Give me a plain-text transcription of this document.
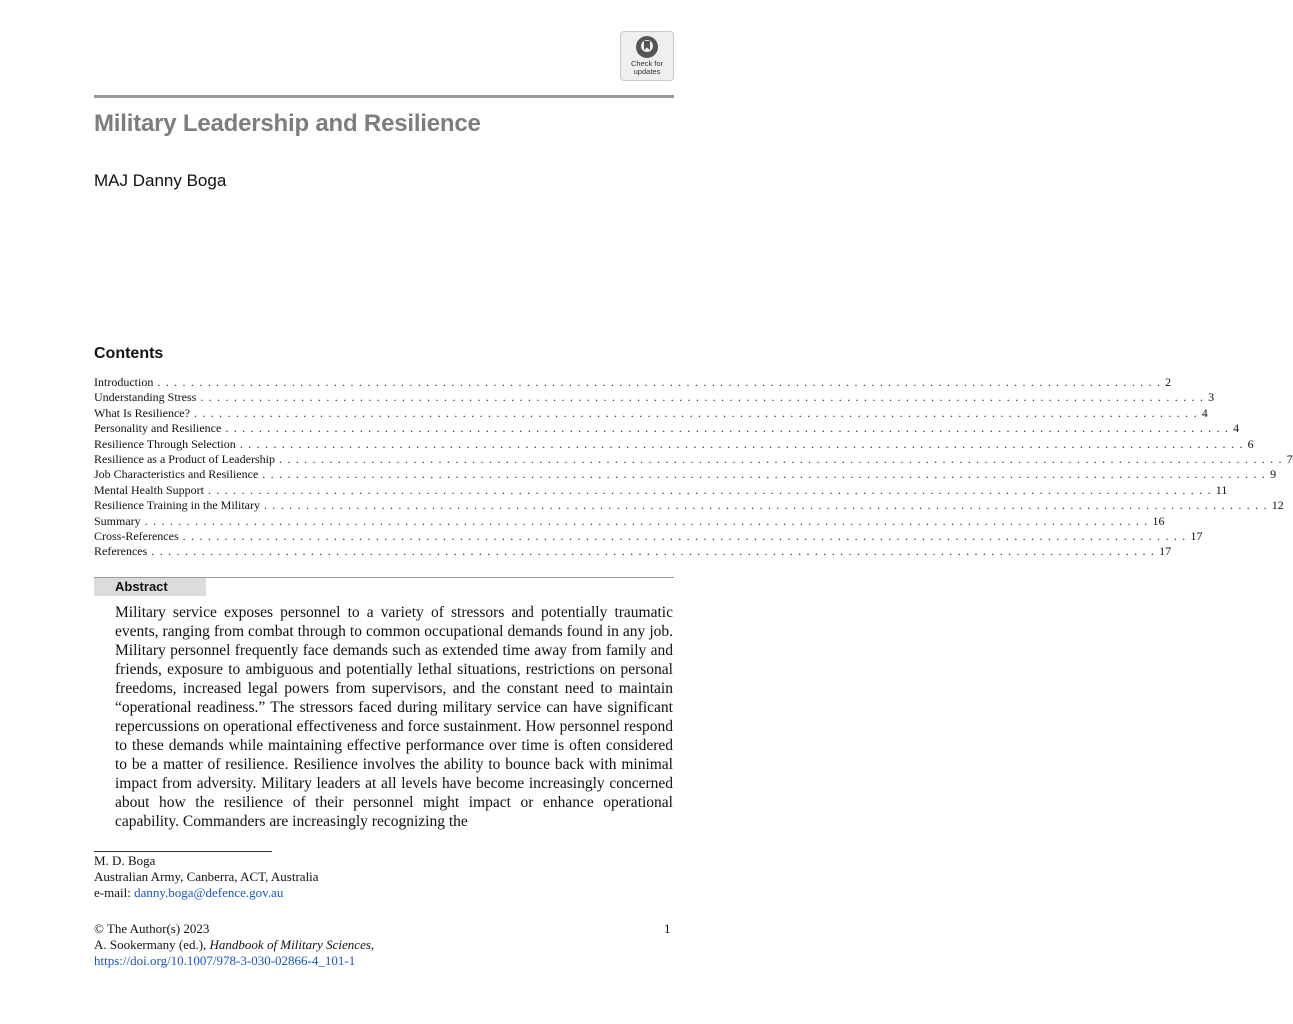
Check for
updates
Military Leadership and Resilience
MAJ Danny Boga
Contents
Introduction . . . . . . . . . . . . . . . . . . . . . . . . . . . . . . . . . . . . . . . . . . . . . . . . . . . . . . . . . . . . . . . . . . . . . . . . . . . . . . . . . . . . . . . . . . . . . . . . . . . . . . . . . . . . . . . . . . . . . . . . 2
Understanding Stress . . . . . . . . . . . . . . . . . . . . . . . . . . . . . . . . . . . . . . . . . . . . . . . . . . . . . . . . . . . . . . . . . . . . . . . . . . . . . . . . . . . . . . . . . . . . . . . . . . . . . . . . . . . . . . . . . . . . . . . . 3
What Is Resilience? . . . . . . . . . . . . . . . . . . . . . . . . . . . . . . . . . . . . . . . . . . . . . . . . . . . . . . . . . . . . . . . . . . . . . . . . . . . . . . . . . . . . . . . . . . . . . . . . . . . . . . . . . . . . . . . . . . . . . . . . 4
Personality and Resilience . . . . . . . . . . . . . . . . . . . . . . . . . . . . . . . . . . . . . . . . . . . . . . . . . . . . . . . . . . . . . . . . . . . . . . . . . . . . . . . . . . . . . . . . . . . . . . . . . . . . . . . . . . . . . . . . . . . . . . . . 4
Resilience Through Selection . . . . . . . . . . . . . . . . . . . . . . . . . . . . . . . . . . . . . . . . . . . . . . . . . . . . . . . . . . . . . . . . . . . . . . . . . . . . . . . . . . . . . . . . . . . . . . . . . . . . . . . . . . . . . . . . . . . . . . . . 6
Resilience as a Product of Leadership . . . . . . . . . . . . . . . . . . . . . . . . . . . . . . . . . . . . . . . . . . . . . . . . . . . . . . . . . . . . . . . . . . . . . . . . . . . . . . . . . . . . . . . . . . . . . . . . . . . . . . . . . . . . . . . . . . . . . . . . 7
Job Characteristics and Resilience . . . . . . . . . . . . . . . . . . . . . . . . . . . . . . . . . . . . . . . . . . . . . . . . . . . . . . . . . . . . . . . . . . . . . . . . . . . . . . . . . . . . . . . . . . . . . . . . . . . . . . . . . . . . . . . . . . . . . . . . 9
Mental Health Support . . . . . . . . . . . . . . . . . . . . . . . . . . . . . . . . . . . . . . . . . . . . . . . . . . . . . . . . . . . . . . . . . . . . . . . . . . . . . . . . . . . . . . . . . . . . . . . . . . . . . . . . . . . . . . . . . . . . . . . . 11
Resilience Training in the Military . . . . . . . . . . . . . . . . . . . . . . . . . . . . . . . . . . . . . . . . . . . . . . . . . . . . . . . . . . . . . . . . . . . . . . . . . . . . . . . . . . . . . . . . . . . . . . . . . . . . . . . . . . . . . . . . . . . . . . . . 12
Summary . . . . . . . . . . . . . . . . . . . . . . . . . . . . . . . . . . . . . . . . . . . . . . . . . . . . . . . . . . . . . . . . . . . . . . . . . . . . . . . . . . . . . . . . . . . . . . . . . . . . . . . . . . . . . . . . . . . . . . . . 16
Cross-References . . . . . . . . . . . . . . . . . . . . . . . . . . . . . . . . . . . . . . . . . . . . . . . . . . . . . . . . . . . . . . . . . . . . . . . . . . . . . . . . . . . . . . . . . . . . . . . . . . . . . . . . . . . . . . . . . . . . . . . . 17
References . . . . . . . . . . . . . . . . . . . . . . . . . . . . . . . . . . . . . . . . . . . . . . . . . . . . . . . . . . . . . . . . . . . . . . . . . . . . . . . . . . . . . . . . . . . . . . . . . . . . . . . . . . . . . . . . . . . . . . . . 17
Abstract

Military service exposes personnel to a variety of stressors and potentially traumatic events, ranging from combat through to common occupational demands found in any job. Military personnel frequently face demands such as extended time away from family and friends, exposure to ambiguous and potentially lethal situations, restrictions on personal freedoms, increased legal powers from supervisors, and the constant need to maintain “operational readiness.” The stressors faced during military service can have significant repercussions on operational effectiveness and force sustainment. How personnel respond to these demands while maintaining effective performance over time is often considered to be a matter of resilience. Resilience involves the ability to bounce back with minimal impact from adversity. Military leaders at all levels have become increasingly concerned about how the resilience of their personnel might impact or enhance operational capability. Commanders are increasingly recognizing the

M. D. Boga
Australian Army, Canberra, ACT, Australia
e-mail: danny.boga@defence.gov.au
© The Author(s) 2023
A. Sookermany (ed.), Handbook of Military Sciences,
https://doi.org/10.1007/978-3-030-02866-4_101-1
1
